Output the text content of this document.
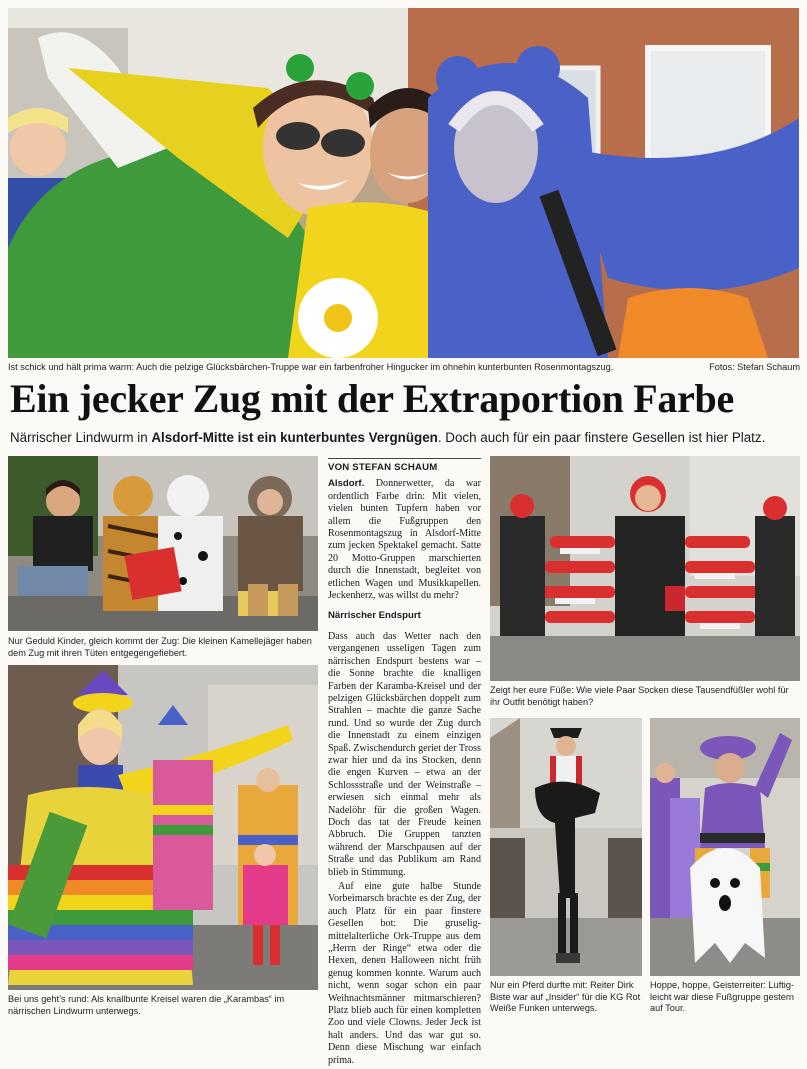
Ist schick und hält prima warm: Auch die pelzige Glücksbärchen-Truppe war ein farbenfroher Hingucker im ohnehin kunterbunten Rosenmontagszug.	Fotos: Stefan Schaum
Ein jecker Zug mit der Extraportion Farbe
Närrischer Lindwurm in Alsdorf-Mitte ist ein kunterbuntes Vergnügen. Doch auch für ein paar finstere Gesellen ist hier Platz.
Nur Geduld Kinder, gleich kommt der Zug: Die kleinen Kamellejäger haben dem Zug mit ihren Tüten entgegengefiebert.
Bei uns geht’s rund: Als knallbunte Kreisel waren die „Karambas“ im närrischen Lindwurm unterwegs.
VON STEFAN SCHAUM

Alsdorf. Donnerwetter, da war ordentlich Farbe drin: Mit vielen, vielen bunten Tupfern haben vor allem die Fußgruppen den Rosenmontagszug in Alsdorf-Mitte zum jecken Spektakel gemacht. Satte 20 Motto-Gruppen marschierten durch die Innenstadt, begleitet von etlichen Wagen und Musikkapellen. Jeckenherz, was willst du mehr?

Närrischer Endspurt

Dass auch das Wetter nach den vergangenen usseligen Tagen zum närrischen Endspurt bestens war – die Sonne brachte die knalligen Farben der Karamba-Kreisel und der pelzigen Glücksbärchen doppelt zum Strahlen – machte die ganze Sache rund. Und so wurde der Zug durch die Innenstadt zu einem einzigen Spaß. Zwischendurch geriet der Tross zwar hier und da ins Stocken, denn die engen Kurven – etwa an der Schlossstraße und der Weinstraße – erwiesen sich einmal mehr als Nadelöhr für die großen Wagen. Doch das tat der Freude keinen Abbruch. Die Gruppen tanzten während der Marschpausen auf der Straße und das Publikum am Rand blieb in Stimmung.

Auf eine gute halbe Stunde Vorbeimarsch brachte es der Zug, der auch Platz für ein paar finstere Gesellen bot: Die gruselig-mittelalterliche Ork-Truppe aus dem „Herrn der Ringe“ etwa oder die Hexen, denen Halloween nicht früh genug kommen konnte. Warum auch nicht, wenn sogar schon ein paar Weihnachtsmänner mitmarschieren? Platz blieb auch für einen kompletten Zoo und viele Clowns. Jeder Jeck ist halt anders. Und das war gut so. Denn diese Mischung war einfach prima.

Zeigt her eure Füße: Wie viele Paar Socken diese Tausendfüßler wohl für ihr Outfit benötigt haben?
Nur ein Pferd durfte mit: Reiter Dirk Biste war auf „Insider“ für die KG Rot Weiße Funken unterwegs.
Hoppe, hoppe, Geisterreiter: Luftig-leicht war diese Fußgruppe gestern auf Tour.
